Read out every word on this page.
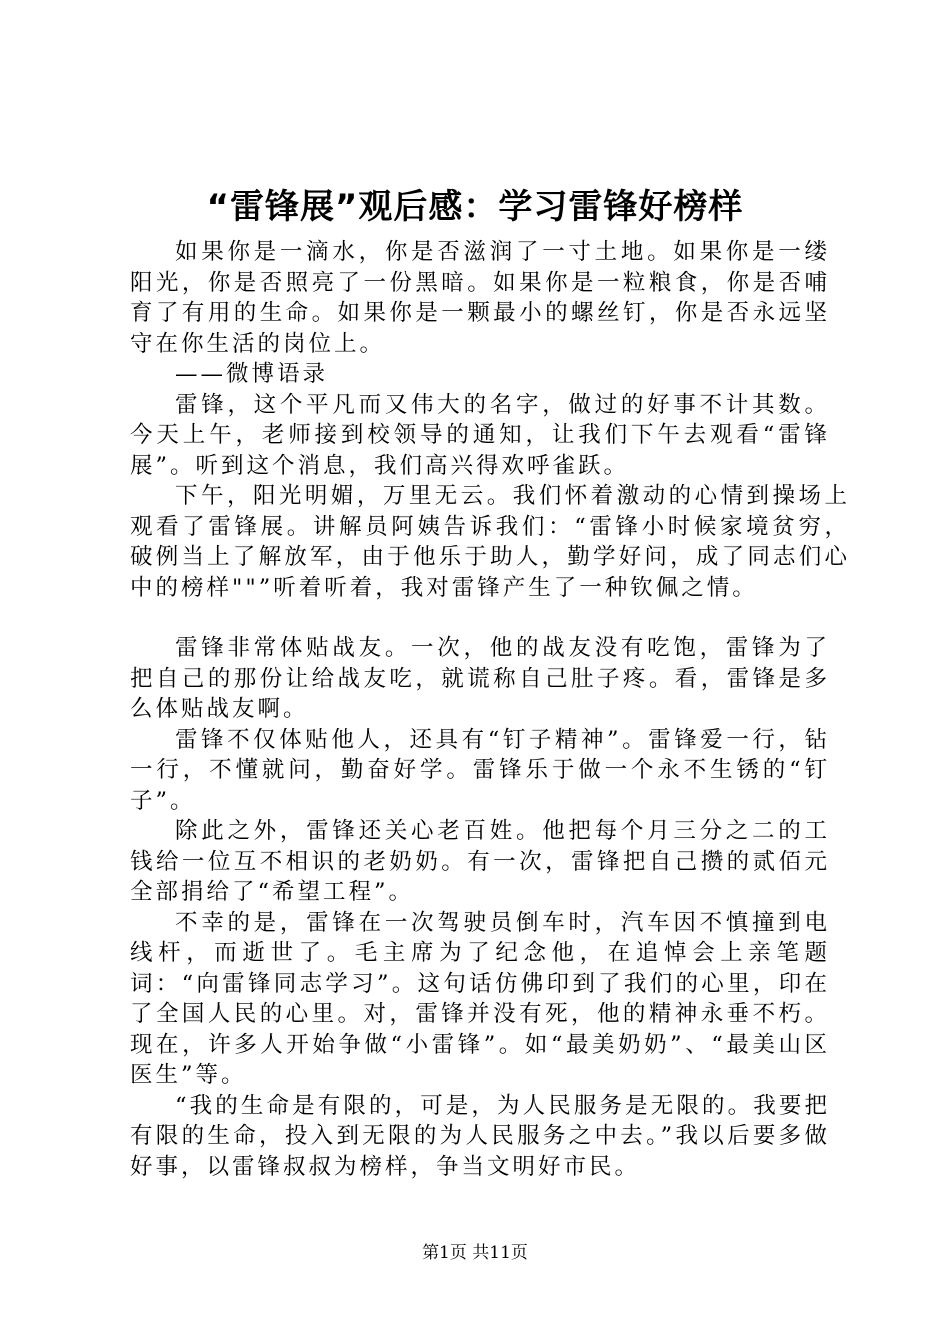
“雷锋展”观后感：学习雷锋好榜样

如果你是一滴水，你是否滋润了一寸土地。如果你是一缕阳光，你是否照亮了一份黑暗。如果你是一粒粮食，你是否哺育了有用的生命。如果你是一颗最小的螺丝钉，你是否永远坚守在你生活的岗位上。

——微博语录

雷锋，这个平凡而又伟大的名字，做过的好事不计其数。今天上午，老师接到校领导的通知，让我们下午去观看“雷锋展”。听到这个消息，我们高兴得欢呼雀跃。

下午，阳光明媚，万里无云。我们怀着激动的心情到操场上观看了雷锋展。讲解员阿姨告诉我们：“雷锋小时候家境贫穷，破例当上了解放军，由于他乐于助人，勤学好问，成了同志们心中的榜样""”听着听着，我对雷锋产生了一种钦佩之情。

雷锋非常体贴战友。一次，他的战友没有吃饱，雷锋为了把自己的那份让给战友吃，就谎称自己肚子疼。看，雷锋是多么体贴战友啊。

雷锋不仅体贴他人，还具有“钉子精神”。雷锋爱一行，钻一行，不懂就问，勤奋好学。雷锋乐于做一个永不生锈的“钉子”。

除此之外，雷锋还关心老百姓。他把每个月三分之二的工钱给一位互不相识的老奶奶。有一次，雷锋把自己攒的贰佰元全部捐给了“希望工程”。

不幸的是，雷锋在一次驾驶员倒车时，汽车因不慎撞到电线杆，而逝世了。毛主席为了纪念他，在追悼会上亲笔题词：“向雷锋同志学习”。这句话仿佛印到了我们的心里，印在了全国人民的心里。对，雷锋并没有死，他的精神永垂不朽。现在，许多人开始争做“小雷锋”。如“最美奶奶”、“最美山区医生”等。

“我的生命是有限的，可是，为人民服务是无限的。我要把有限的生命，投入到无限的为人民服务之中去。”我以后要多做好事，以雷锋叔叔为榜样，争当文明好市民。

第1页 共11页
